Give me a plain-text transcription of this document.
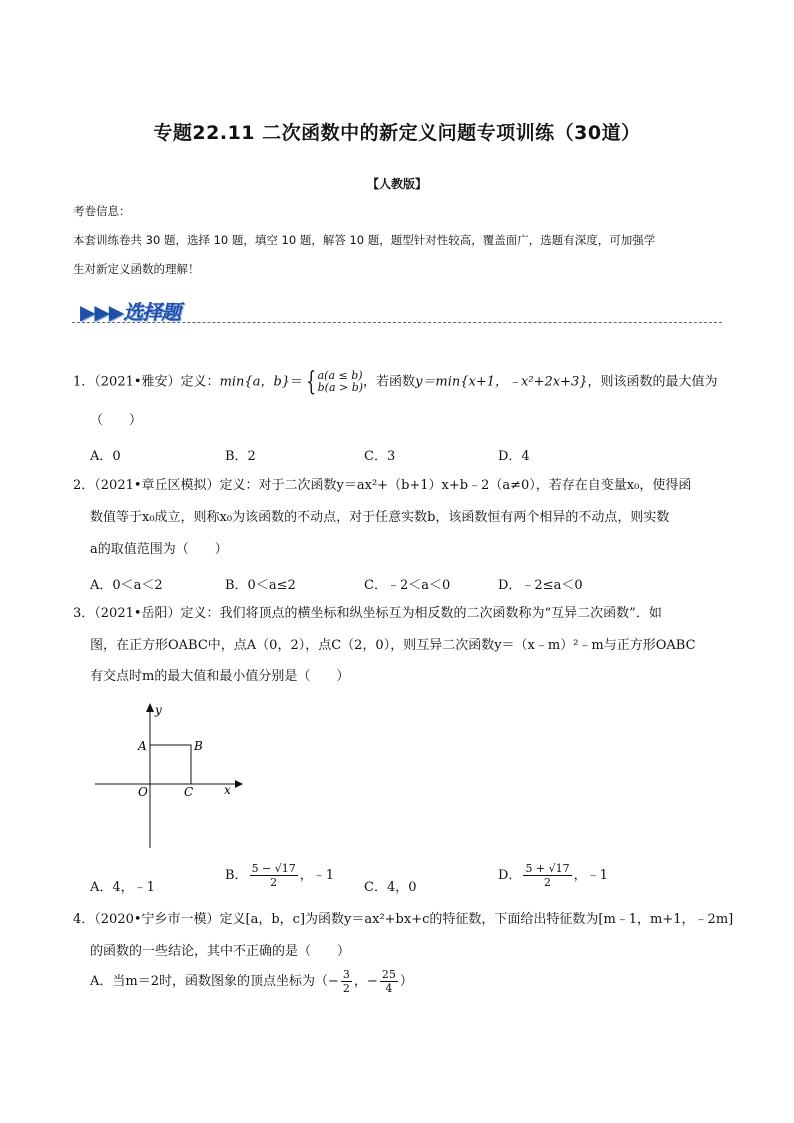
专题22.11 二次函数中的新定义问题专项训练（30道）
【人教版】
考卷信息：
本套训练卷共 30 题，选择 10 题，填空 10 题，解答 10 题，题型针对性较高，覆盖面广，选题有深度，可加强学
生对新定义函数的理解！
▶▶▶选择题
1．（2021•雅安）定义：min{a，b}＝ {a(a ≤ b)
b(a > b)，若函数y＝min{x+1，﹣x²+2x+3}，则该函数的最大值为
（　　）
A．0	B．2	C．3	D．4
2．（2021•章丘区模拟）定义：对于二次函数y＝ax²+（b+1）x+b﹣2（a≠0），若存在自变量x₀，使得函
数值等于x₀成立，则称x₀为该函数的不动点，对于任意实数b，该函数恒有两个相异的不动点，则实数
a的取值范围为（　　）
A．0＜a＜2	B．0＜a≤2	C．﹣2＜a＜0	D．﹣2≤a＜0
3．（2021•岳阳）定义：我们将顶点的横坐标和纵坐标互为相反数的二次函数称为“互异二次函数”．如
图，在正方形OABC中，点A（0，2），点C（2，0），则互异二次函数y＝（x﹣m）²﹣m与正方形OABC
有交点时m的最大值和最小值分别是（　　）
y
x
A	B
O	C
A．4，﹣1
B． $\frac{5 - √17}{2}$ ，﹣1
C．4，0
D． $\frac{5 + √17}{2}$ ，﹣1
4．（2020•宁乡市一模）定义[a，b，c]为函数y＝ax²+bx+c的特征数，下面给出特征数为[m﹣1，m+1，﹣2m]
的函数的一些结论，其中不正确的是（　　）
A．当m＝2时，函数图象的顶点坐标为（− $\frac{3}{2}$ ，− $\frac{25}{4}$ ）
